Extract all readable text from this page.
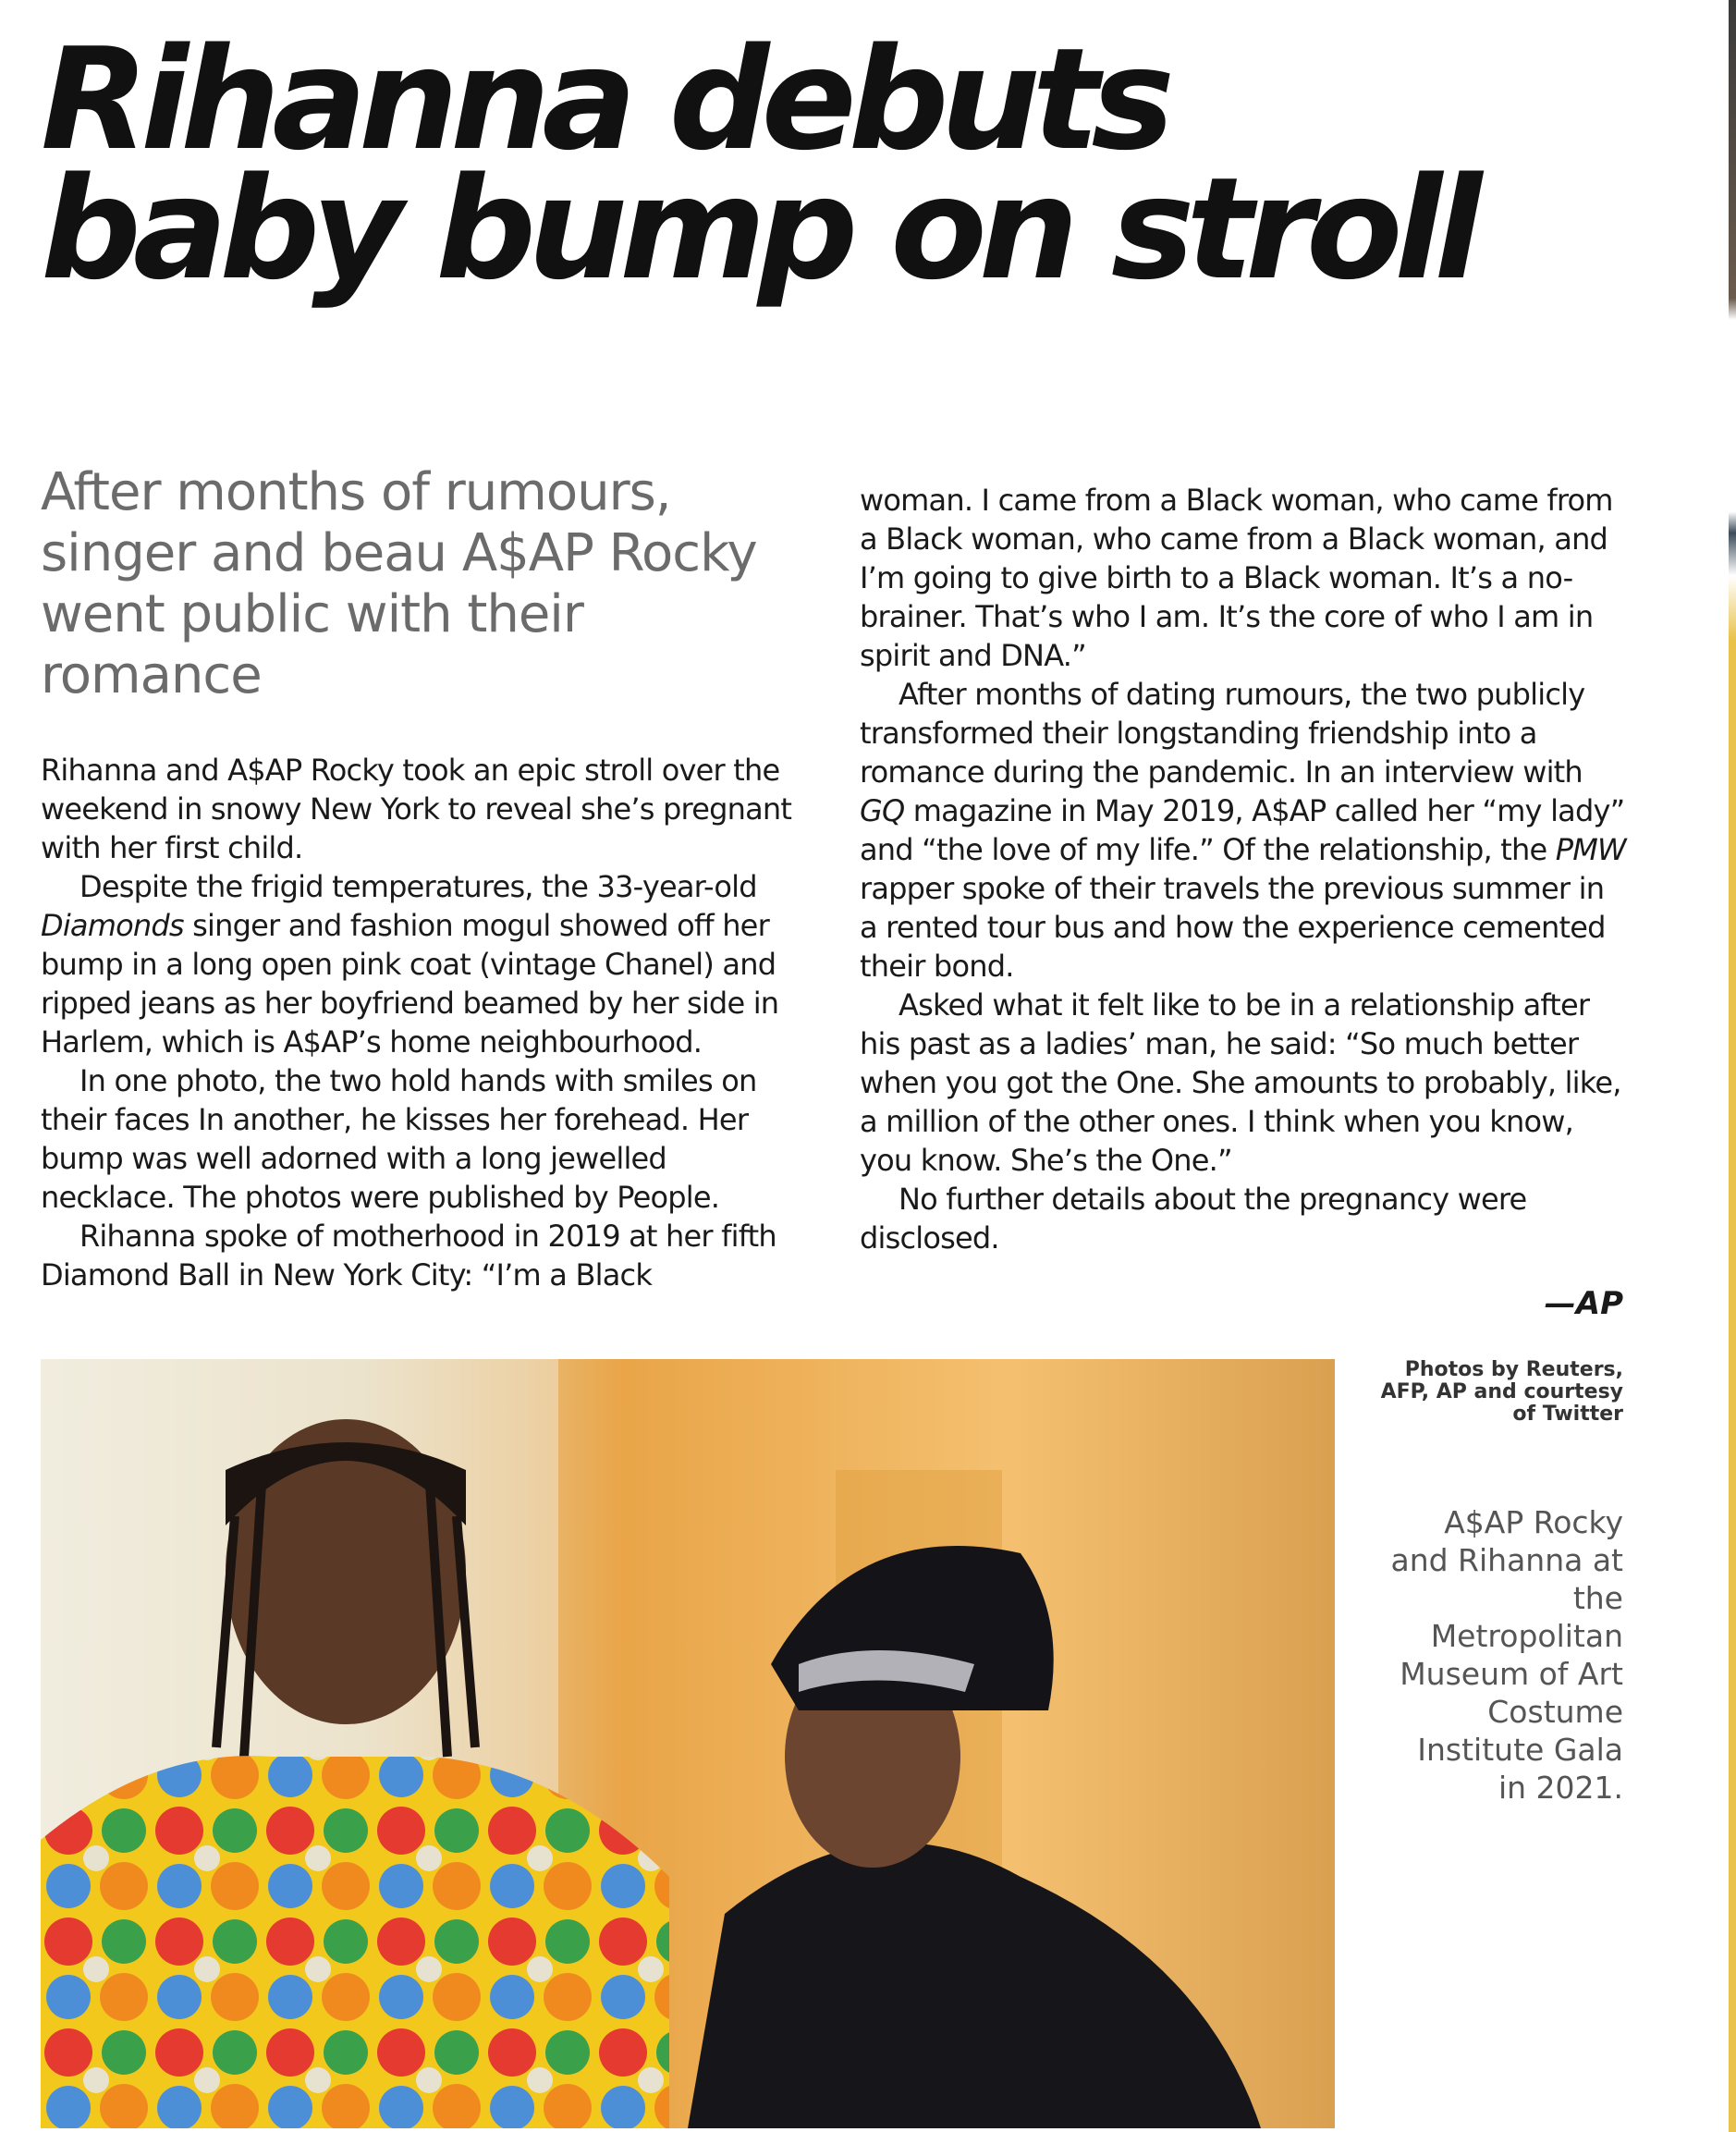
Rihanna debuts
baby bump on stroll
After months of rumours, singer and beau A$AP Rocky went public with their romance

Rihanna and A$AP Rocky took an epic stroll over the weekend in snowy New York to reveal she’s pregnant with her first child.

Despite the frigid temperatures, the 33-year-old Diamonds singer and fashion mogul showed off her bump in a long open pink coat (vintage Chanel) and ripped jeans as her boyfriend beamed by her side in Harlem, which is A$AP’s home neighbourhood.

In one photo, the two hold hands with smiles on their faces In another, he kisses her forehead. Her bump was well adorned with a long jewelled necklace. The photos were published by People.

Rihanna spoke of motherhood in 2019 at her fifth Diamond Ball in New York City: “I’m a Black

woman. I came from a Black woman, who came from a Black woman, who came from a Black woman, and I’m going to give birth to a Black woman. It’s a no-brainer. That’s who I am. It’s the core of who I am in spirit and DNA.”

After months of dating rumours, the two publicly transformed their longstanding friendship into a romance during the pandemic. In an interview with GQ magazine in May 2019, A$AP called her “my lady” and “the love of my life.” Of the relationship, the PMW rapper spoke of their travels the previous summer in a rented tour bus and how the experience cemented their bond.

Asked what it felt like to be in a relationship after his past as a ladies’ man, he said: “So much better when you got the One. She amounts to probably, like, a million of the other ones. I think when you know, you know. She’s the One.”

No further details about the pregnancy were disclosed.

—AP
Photos by Reuters, AFP, AP and courtesy of Twitter
A$AP Rocky and Rihanna at the Metropolitan Museum of Art Costume Institute Gala in 2021.
